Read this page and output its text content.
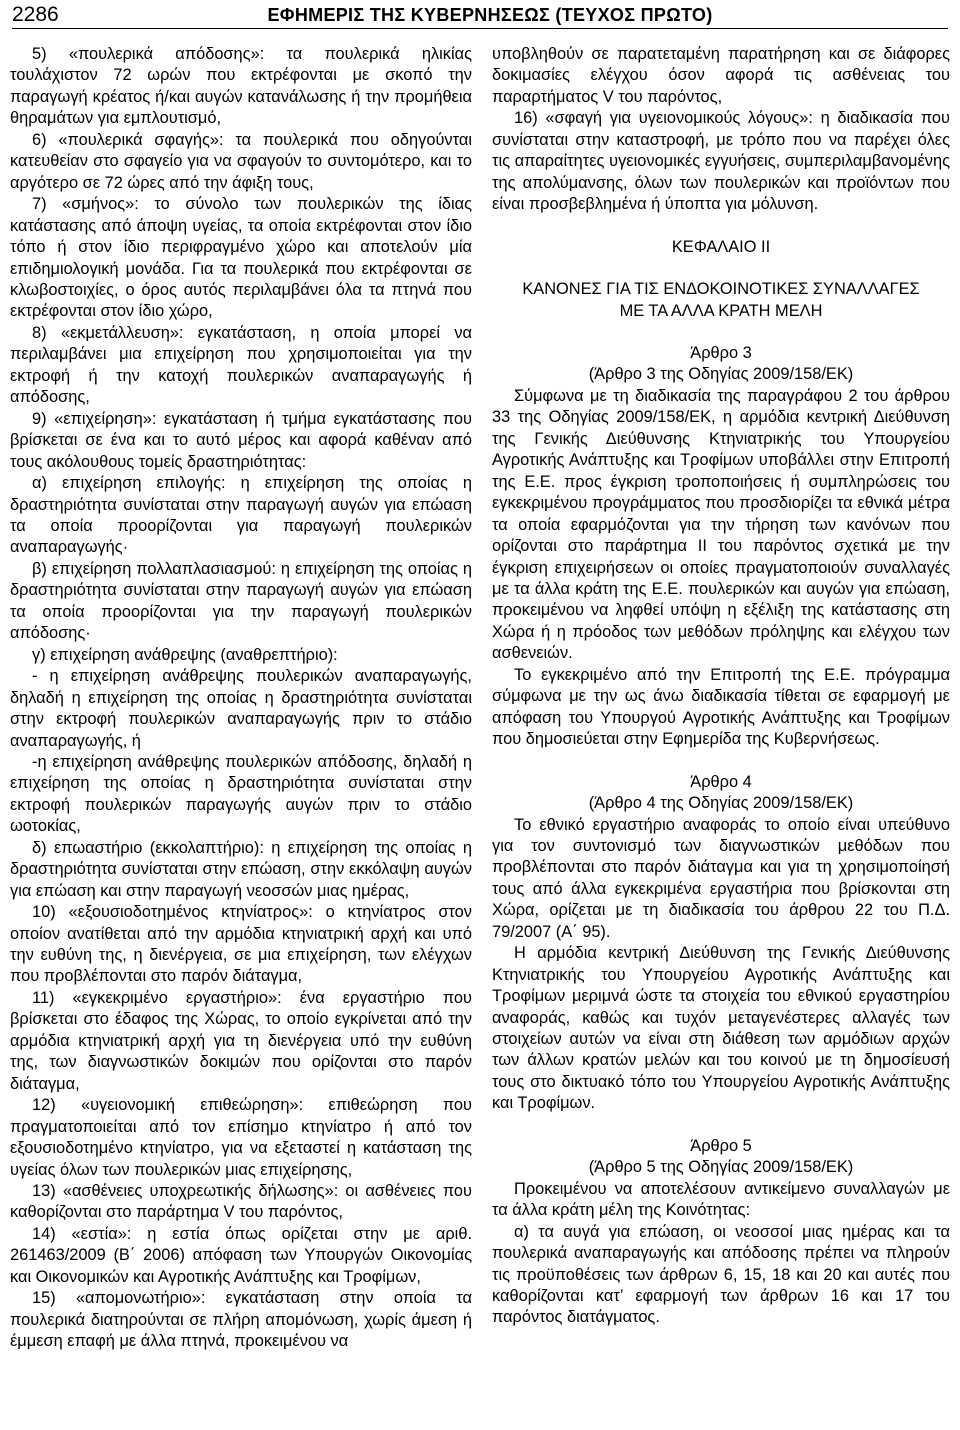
2286	ΕΦΗΜΕΡΙΣ ΤΗΣ ΚΥΒΕΡΝΗΣΕΩΣ (ΤΕΥΧΟΣ ΠΡΩΤΟ)

5) «πουλερικά απόδοσης»: τα πουλερικά ηλικίας τουλάχιστον 72 ωρών που εκτρέφονται με σκοπό την παραγωγή κρέατος ή/και αυγών κατανάλωσης ή την προμήθεια θηραμάτων για εμπλουτισμό,

6) «πουλερικά σφαγής»: τα πουλερικά που οδηγούνται κατευθείαν στο σφαγείο για να σφαγούν το συντομότερο, και το αργότερο σε 72 ώρες από την άφιξη τους,

7) «σμήνος»: το σύνολο των πουλερικών της ίδιας κατάστασης από άποψη υγείας, τα οποία εκτρέφονται στον ίδιο τόπο ή στον ίδιο περιφραγμένο χώρο και αποτελούν μία επιδημιολογική μονάδα. Για τα πουλερικά που εκτρέφονται σε κλωβοστοιχίες, ο όρος αυτός περιλαμβάνει όλα τα πτηνά που εκτρέφονται στον ίδιο χώρο,

8) «εκμετάλλευση»: εγκατάσταση, η οποία μπορεί να περιλαμβάνει μια επιχείρηση που χρησιμοποιείται για την εκτροφή ή την κατοχή πουλερικών αναπαραγωγής ή απόδοσης,

9) «επιχείρηση»: εγκατάσταση ή τμήμα εγκατάστασης που βρίσκεται σε ένα και το αυτό μέρος και αφορά καθέναν από τους ακόλουθους τομείς δραστηριότητας:

α) επιχείρηση επιλογής: η επιχείρηση της οποίας η δραστηριότητα συνίσταται στην παραγωγή αυγών για επώαση τα οποία προορίζονται για παραγωγή πουλερικών αναπαραγωγής·

β) επιχείρηση πολλαπλασιασμού: η επιχείρηση της οποίας η δραστηριότητα συνίσταται στην παραγωγή αυγών για επώαση τα οποία προορίζονται για την παραγωγή πουλερικών απόδοσης·

γ) επιχείρηση ανάθρεψης (αναθρεπτήριο):

- η επιχείρηση ανάθρεψης πουλερικών αναπαραγωγής, δηλαδή η επιχείρηση της οποίας η δραστηριότητα συνίσταται στην εκτροφή πουλερικών αναπαραγωγής πριν το στάδιο αναπαραγωγής, ή

-η επιχείρηση ανάθρεψης πουλερικών απόδοσης, δηλαδή η επιχείρηση της οποίας η δραστηριότητα συνίσταται στην εκτροφή πουλερικών παραγωγής αυγών πριν το στάδιο ωοτοκίας,

δ) επωαστήριο (εκκολαπτήριο): η επιχείρηση της οποίας η δραστηριότητα συνίσταται στην επώαση, στην εκκόλαψη αυγών για επώαση και στην παραγωγή νεοσσών μιας ημέρας,

10) «εξουσιοδοτημένος κτηνίατρος»: ο κτηνίατρος στον οποίον ανατίθεται από την αρμόδια κτηνιατρική αρχή και υπό την ευθύνη της, η διενέργεια, σε μια επιχείρηση, των ελέγχων που προβλέπονται στο παρόν διάταγμα,

11) «εγκεκριμένο εργαστήριο»: ένα εργαστήριο που βρίσκεται στο έδαφος της Χώρας, το οποίο εγκρίνεται από την αρμόδια κτηνιατρική αρχή για τη διενέργεια υπό την ευθύνη της, των διαγνωστικών δοκιμών που ορίζονται στο παρόν διάταγμα,

12) «υγειονομική επιθεώρηση»: επιθεώρηση που πραγματοποιείται από τον επίσημο κτηνίατρο ή από τον εξουσιοδοτημένο κτηνίατρο, για να εξεταστεί η κατάσταση της υγείας όλων των πουλερικών μιας επιχείρησης,

13) «ασθένειες υποχρεωτικής δήλωσης»: οι ασθένειες που καθορίζονται στο παράρτημα V του παρόντος,

14) «εστία»: η εστία όπως ορίζεται στην με αριθ. 261463/2009 (Β΄ 2006) απόφαση των Υπουργών Οικονομίας και Οικονομικών και Αγροτικής Ανάπτυξης και Τροφίμων,

15) «απομονωτήριο»: εγκατάσταση στην οποία τα πουλερικά διατηρούνται σε πλήρη απομόνωση, χωρίς άμεση ή έμμεση επαφή με άλλα πτηνά, προκειμένου να

υποβληθούν σε παρατεταμένη παρατήρηση και σε διάφορες δοκιμασίες ελέγχου όσον αφορά τις ασθένειας του παραρτήματος V του παρόντος,

16) «σφαγή για υγειονομικούς λόγους»: η διαδικασία που συνίσταται στην καταστροφή, με τρόπο που να παρέχει όλες τις απαραίτητες υγειονομικές εγγυήσεις, συμπεριλαμβανομένης της απολύμανσης, όλων των πουλερικών και προϊόντων που είναι προσβεβλημένα ή ύποπτα για μόλυνση.

ΚΕΦΑΛΑΙΟ ΙΙ

ΚΑΝΟΝΕΣ ΓΙΑ ΤΙΣ ΕΝΔΟΚΟΙΝΟΤΙΚΕΣ ΣΥΝΑΛΛΑΓΕΣ

ΜΕ ΤΑ ΑΛΛΑ ΚΡΑΤΗ ΜΕΛΗ

Άρθρο 3

(Άρθρο 3 της Οδηγίας 2009/158/ΕΚ)

Σύμφωνα με τη διαδικασία της παραγράφου 2 του άρθρου 33 της Οδηγίας 2009/158/ΕΚ, η αρμόδια κεντρική Διεύθυνση της Γενικής Διεύθυνσης Κτηνιατρικής του Υπουργείου Αγροτικής Ανάπτυξης και Τροφίμων υποβάλλει στην Επιτροπή της Ε.Ε. προς έγκριση τροποποιήσεις ή συμπληρώσεις του εγκεκριμένου προγράμματος που προσδιορίζει τα εθνικά μέτρα τα οποία εφαρμόζονται για την τήρηση των κανόνων που ορίζονται στο παράρτημα ΙΙ του παρόντος σχετικά με την έγκριση επιχειρήσεων οι οποίες πραγματοποιούν συναλλαγές με τα άλλα κράτη της Ε.Ε. πουλερικών και αυγών για επώαση, προκειμένου να ληφθεί υπόψη η εξέλιξη της κατάστασης στη Χώρα ή η πρόοδος των μεθόδων πρόληψης και ελέγχου των ασθενειών.

Το εγκεκριμένο από την Επιτροπή της Ε.Ε. πρόγραμμα σύμφωνα με την ως άνω διαδικασία τίθεται σε εφαρμογή με απόφαση του Υπουργού Αγροτικής Ανάπτυξης και Τροφίμων που δημοσιεύεται στην Εφημερίδα της Κυβερνήσεως.

Άρθρο 4

(Άρθρο 4 της Οδηγίας 2009/158/ΕΚ)

Το εθνικό εργαστήριο αναφοράς το οποίο είναι υπεύθυνο για τον συντονισμό των διαγνωστικών μεθόδων που προβλέπονται στο παρόν διάταγμα και για τη χρησιμοποίησή τους από άλλα εγκεκριμένα εργαστήρια που βρίσκονται στη Χώρα, ορίζεται με τη διαδικασία του άρθρου 22 του Π.Δ. 79/2007 (Α΄ 95).

Η αρμόδια κεντρική Διεύθυνση της Γενικής Διεύθυνσης Κτηνιατρικής του Υπουργείου Αγροτικής Ανάπτυξης και Τροφίμων μεριμνά ώστε τα στοιχεία του εθνικού εργαστηρίου αναφοράς, καθώς και τυχόν μεταγενέστερες αλλαγές των στοιχείων αυτών να είναι στη διάθεση των αρμόδιων αρχών των άλλων κρατών μελών και του κοινού με τη δημοσίευσή τους στο δικτυακό τόπο του Υπουργείου Αγροτικής Ανάπτυξης και Τροφίμων.

Άρθρο 5

(Άρθρο 5 της Οδηγίας 2009/158/ΕΚ)

Προκειμένου να αποτελέσουν αντικείμενο συναλλαγών με τα άλλα κράτη μέλη της Κοινότητας:

α) τα αυγά για επώαση, οι νεοσσοί μιας ημέρας και τα πουλερικά αναπαραγωγής και απόδοσης πρέπει να πληρούν τις προϋποθέσεις των άρθρων 6, 15, 18 και 20 και αυτές που καθορίζονται κατ’ εφαρμογή των άρθρων 16 και 17 του παρόντος διατάγματος.
